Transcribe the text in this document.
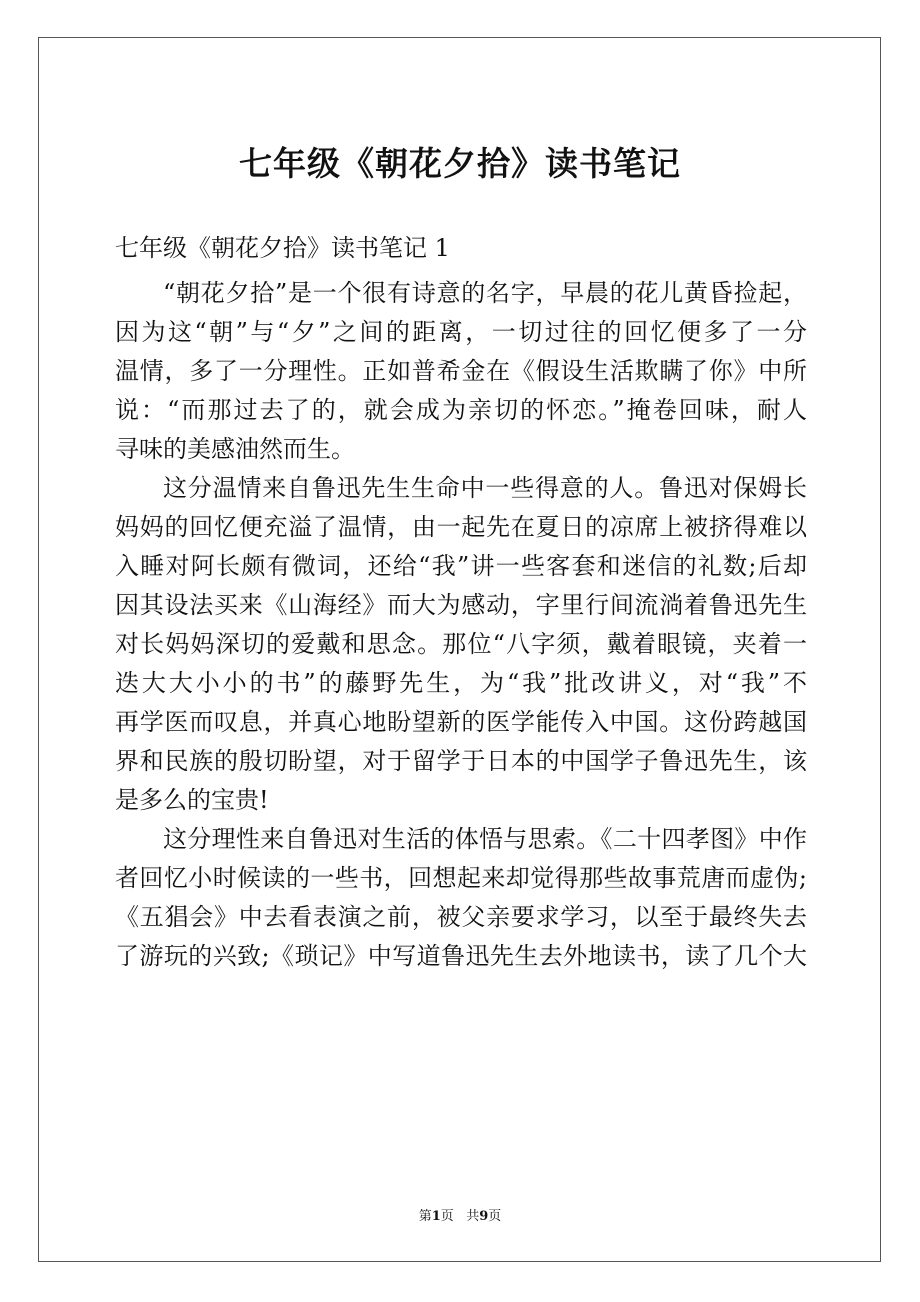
七年级《朝花夕拾》读书笔记
七年级《朝花夕拾》读书笔记 1
“朝花夕拾”是一个很有诗意的名字，早晨的花儿黄昏捡起，
因为这“朝”与“夕”之间的距离，一切过往的回忆便多了一分
温情，多了一分理性。正如普希金在《假设生活欺瞒了你》中所
说：“而那过去了的，就会成为亲切的怀恋。”掩卷回味，耐人
寻味的美感油然而生。
这分温情来自鲁迅先生生命中一些得意的人。鲁迅对保姆长
妈妈的回忆便充溢了温情，由一起先在夏日的凉席上被挤得难以
入睡对阿长颇有微词，还给“我”讲一些客套和迷信的礼数;后却
因其设法买来《山海经》而大为感动，字里行间流淌着鲁迅先生
对长妈妈深切的爱戴和思念。那位“八字须，戴着眼镜，夹着一
迭大大小小的书”的藤野先生，为“我”批改讲义，对“我”不
再学医而叹息，并真心地盼望新的医学能传入中国。这份跨越国
界和民族的殷切盼望，对于留学于日本的中国学子鲁迅先生，该
是多么的宝贵!
这分理性来自鲁迅对生活的体悟与思索。《二十四孝图》中作
者回忆小时候读的一些书，回想起来却觉得那些故事荒唐而虚伪;
《五猖会》中去看表演之前，被父亲要求学习，以至于最终失去
了游玩的兴致;《琐记》中写道鲁迅先生去外地读书，读了几个大
第1页 共9页
